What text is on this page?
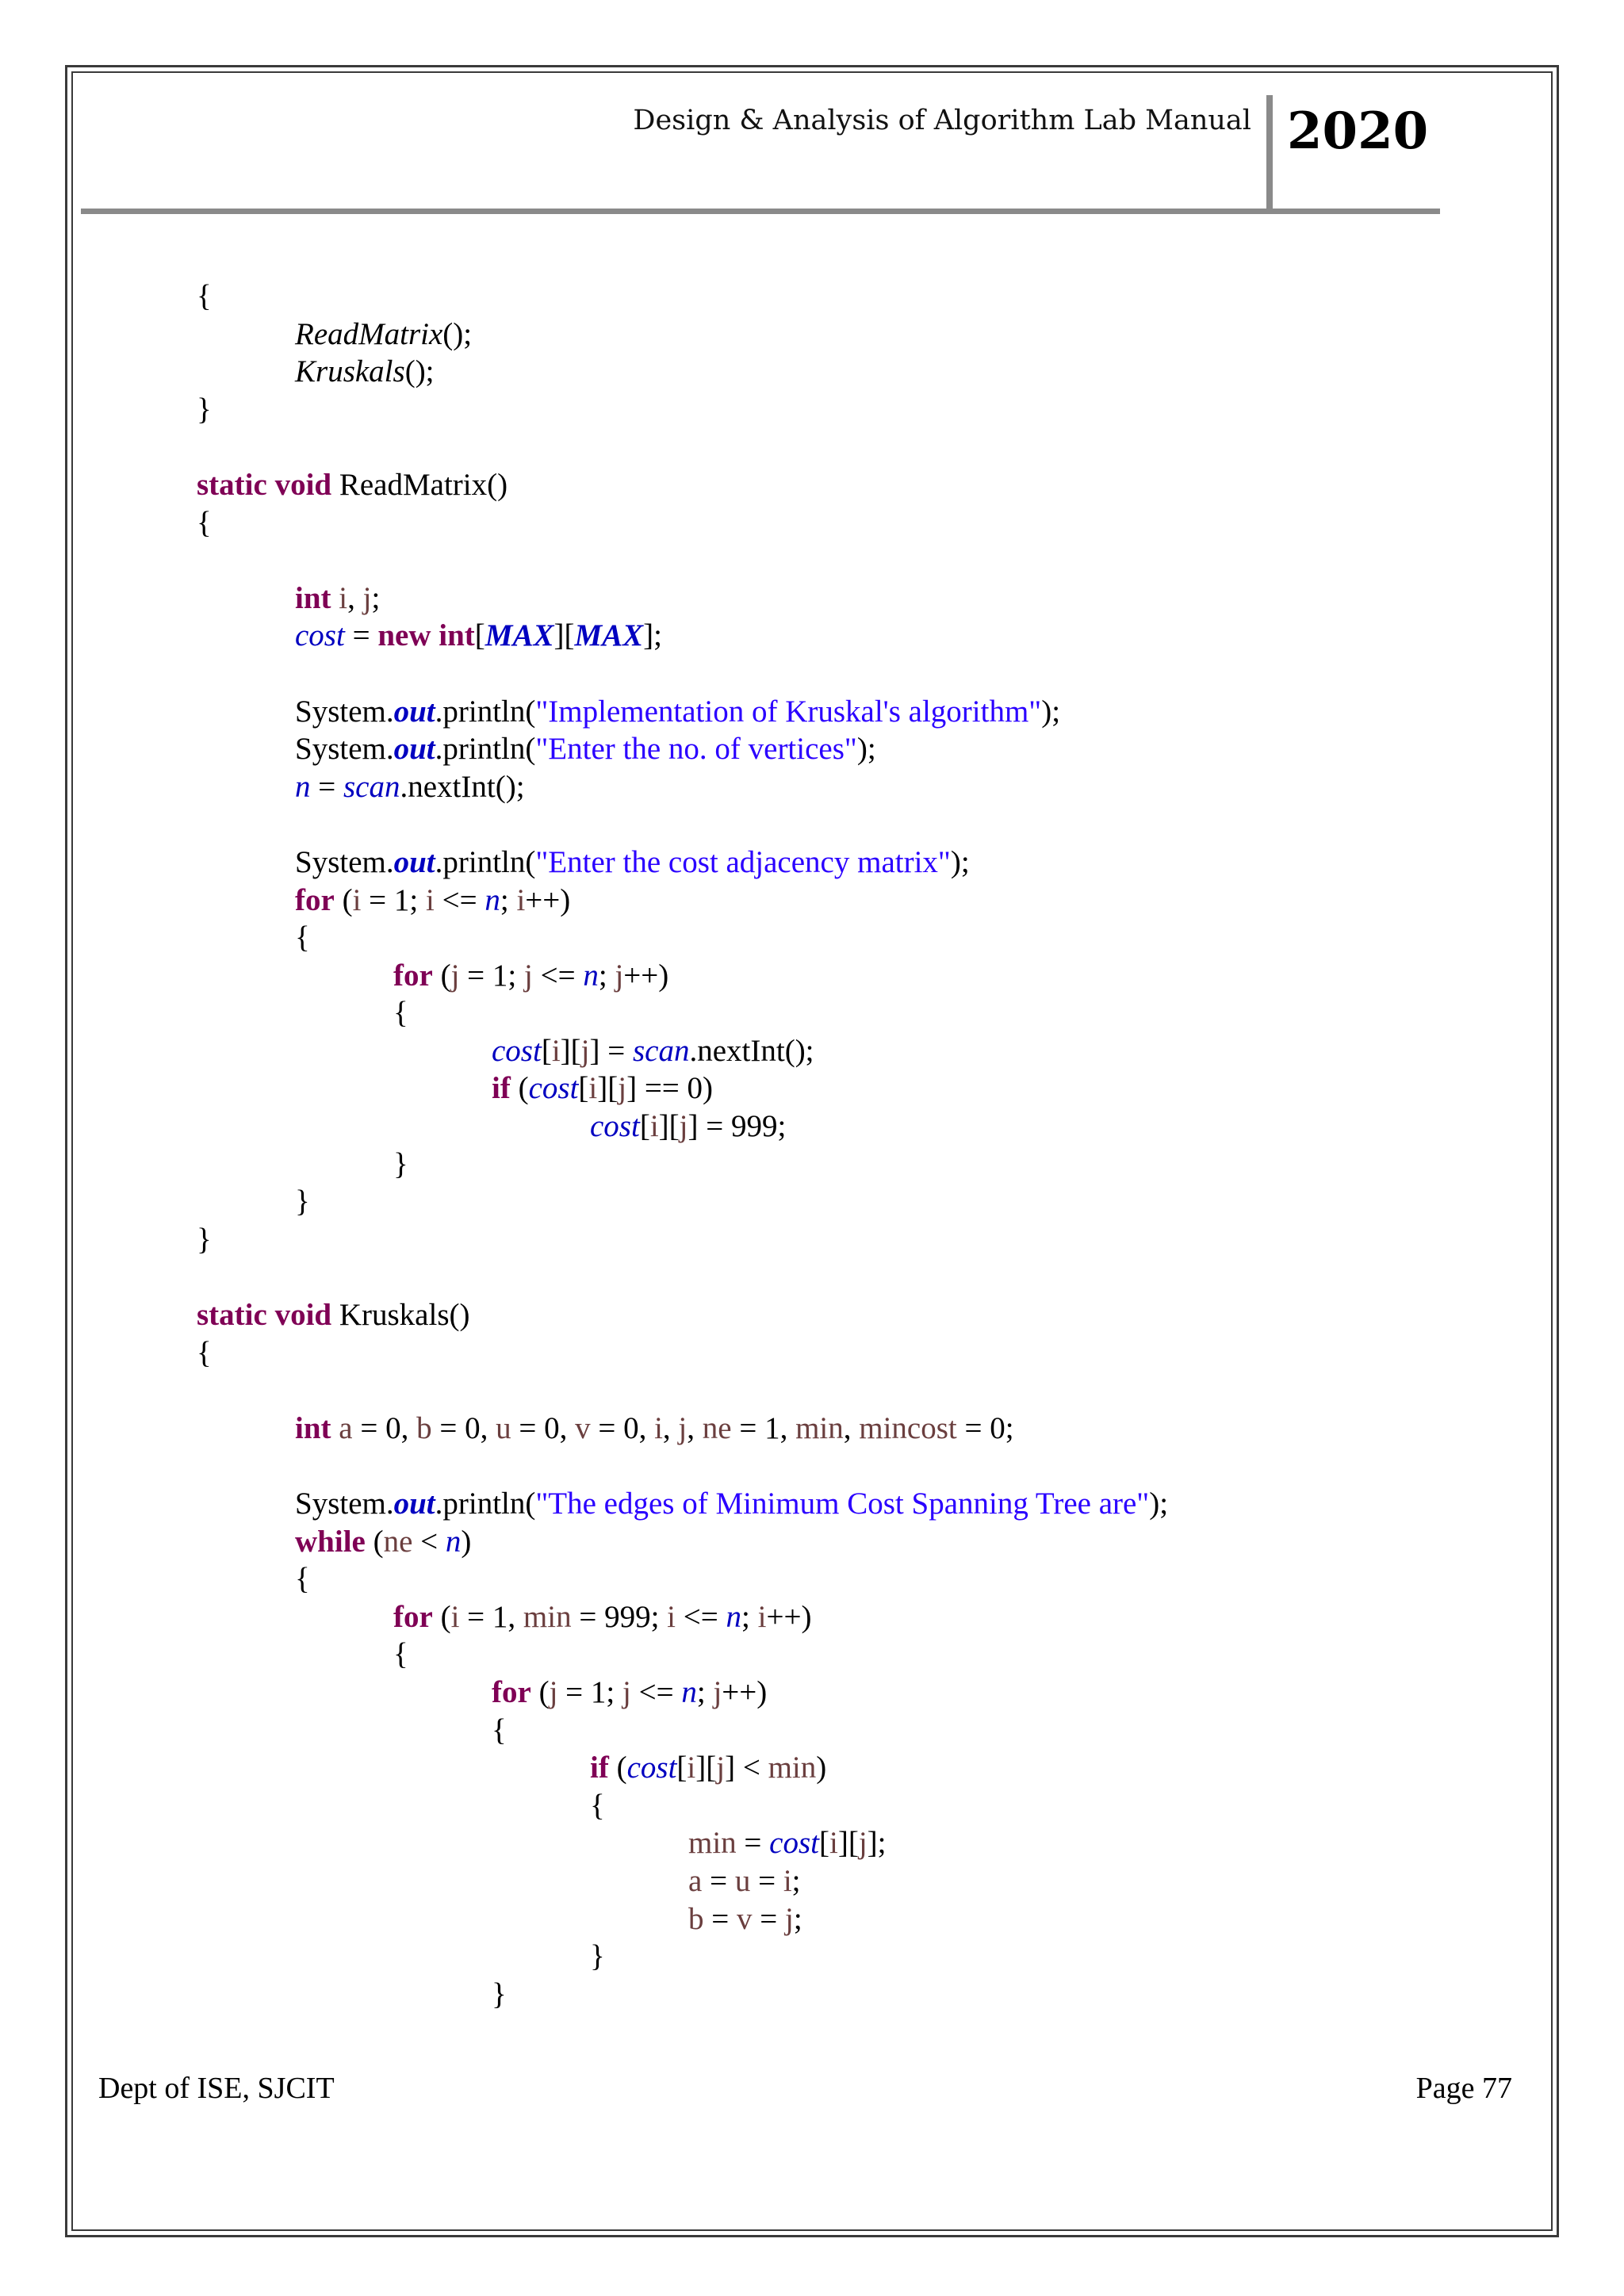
Design & Analysis of Algorithm Lab Manual 2020
{
ReadMatrix();
Kruskals();
}
static void ReadMatrix()
{
int i, j;
cost = new int[MAX][MAX];
System.out.println("Implementation of Kruskal's algorithm");
System.out.println("Enter the no. of vertices");
n = scan.nextInt();
System.out.println("Enter the cost adjacency matrix");
for (i = 1; i <= n; i++)
{
for (j = 1; j <= n; j++)
{
cost[i][j] = scan.nextInt();
if (cost[i][j] == 0)
cost[i][j] = 999;
}
}
}
static void Kruskals()
{
int a = 0, b = 0, u = 0, v = 0, i, j, ne = 1, min, mincost = 0;
System.out.println("The edges of Minimum Cost Spanning Tree are");
while (ne < n)
{
for (i = 1, min = 999; i <= n; i++)
{
for (j = 1; j <= n; j++)
{
if (cost[i][j] < min)
{
min = cost[i][j];
a = u = i;
b = v = j;
}
}
Dept of ISE, SJCIT	Page 77
